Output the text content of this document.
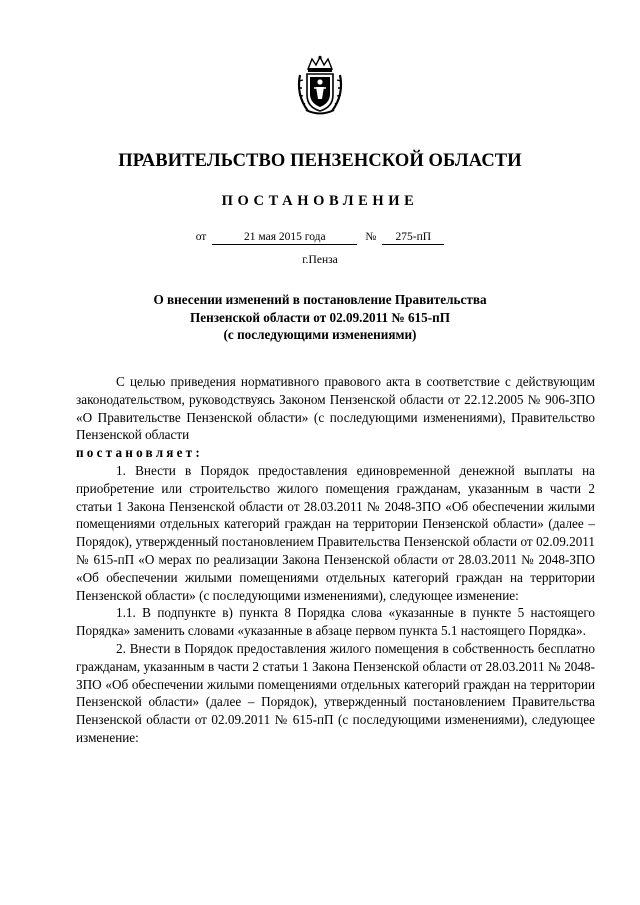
ПРАВИТЕЛЬСТВО ПЕНЗЕНСКОЙ ОБЛАСТИ
ПОСТАНОВЛЕНИЕ
от	21 мая 2015 года	№ 275-пП
г.Пенза
О внесении изменений в постановление Правительства
Пензенской области от 02.09.2011 № 615-пП
(с последующими изменениями)

С целью приведения нормативного правового акта в соответствие с действующим законодательством, руководствуясь Законом Пензенской области от 22.12.2005 № 906-ЗПО «О Правительстве Пензенской области» (с последующими изменениями), Правительство Пензенской области

постановляет:

1. Внести в Порядок предоставления единовременной денежной выплаты на приобретение или строительство жилого помещения гражданам, указанным в части 2 статьи 1 Закона Пензенской области от 28.03.2011 № 2048-ЗПО «Об обеспечении жилыми помещениями отдельных категорий граждан на территории Пензенской области» (далее – Порядок), утвержденный постановлением Правительства Пензенской области от 02.09.2011 № 615-пП «О мерах по реализации Закона Пензенской области от 28.03.2011 № 2048-ЗПО «Об обеспечении жилыми помещениями отдельных категорий граждан на территории Пензенской области» (с последующими изменениями), следующее изменение:

1.1. В подпункте в) пункта 8 Порядка слова «указанные в пункте 5 настоящего Порядка» заменить словами «указанные в абзаце первом пункта 5.1 настоящего Порядка».

2. Внести в Порядок предоставления жилого помещения в собственность бесплатно гражданам, указанным в части 2 статьи 1 Закона Пензенской области от 28.03.2011 № 2048-ЗПО «Об обеспечении жилыми помещениями отдельных категорий граждан на территории Пензенской области» (далее – Порядок), утвержденный постановлением Правительства Пензенской области от 02.09.2011 № 615-пП (с последующими изменениями), следующее изменение:
